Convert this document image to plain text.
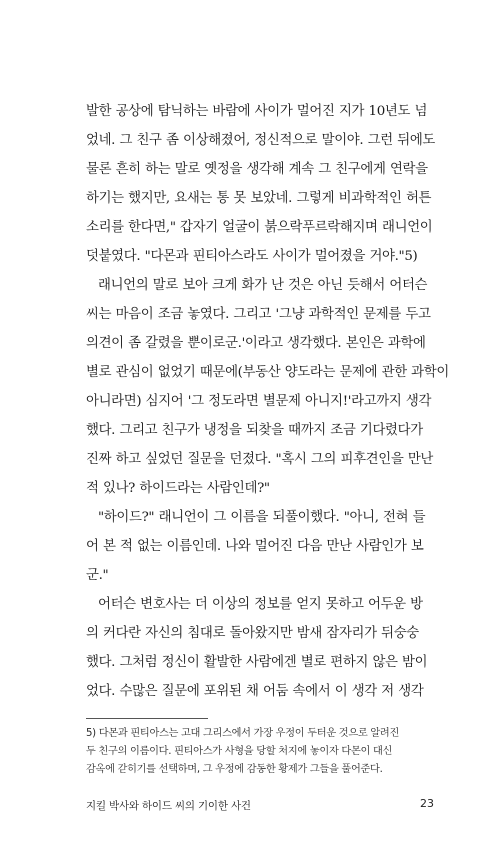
발한 공상에 탐닉하는 바람에 사이가 멀어진 지가 10년도 넘
었네. 그 친구 좀 이상해졌어, 정신적으로 말이야. 그런 뒤에도
물론 흔히 하는 말로 옛정을 생각해 계속 그 친구에게 연락을
하기는 했지만, 요새는 통 못 보았네. 그렇게 비과학적인 허튼
소리를 한다면," 갑자기 얼굴이 붉으락푸르락해지며 래니언이
덧붙였다. "다몬과 핀티아스라도 사이가 멀어졌을 거야."5)
래니언의 말로 보아 크게 화가 난 것은 아닌 듯해서 어터슨
씨는 마음이 조금 놓였다. 그리고 '그냥 과학적인 문제를 두고
의견이 좀 갈렸을 뿐이로군.'이라고 생각했다. 본인은 과학에
별로 관심이 없었기 때문에(부동산 양도라는 문제에 관한 과학이
아니라면) 심지어 '그 정도라면 별문제 아니지!'라고까지 생각
했다. 그리고 친구가 냉정을 되찾을 때까지 조금 기다렸다가
진짜 하고 싶었던 질문을 던졌다. "혹시 그의 피후견인을 만난
적 있나? 하이드라는 사람인데?"
"하이드?" 래니언이 그 이름을 되풀이했다. "아니, 전혀 들
어 본 적 없는 이름인데. 나와 멀어진 다음 만난 사람인가 보
군."
어터슨 변호사는 더 이상의 정보를 얻지 못하고 어두운 방
의 커다란 자신의 침대로 돌아왔지만 밤새 잠자리가 뒤숭숭
했다. 그처럼 정신이 활발한 사람에겐 별로 편하지 않은 밤이
었다. 수많은 질문에 포위된 채 어둠 속에서 이 생각 저 생각
5) 다몬과 핀티아스는 고대 그리스에서 가장 우정이 두터운 것으로 알려진
두 친구의 이름이다. 핀티아스가 사형을 당할 처지에 놓이자 다몬이 대신
감옥에 갇히기를 선택하며, 그 우정에 감동한 황제가 그들을 풀어준다.
지킬 박사와 하이드 씨의 기이한 사건	23
